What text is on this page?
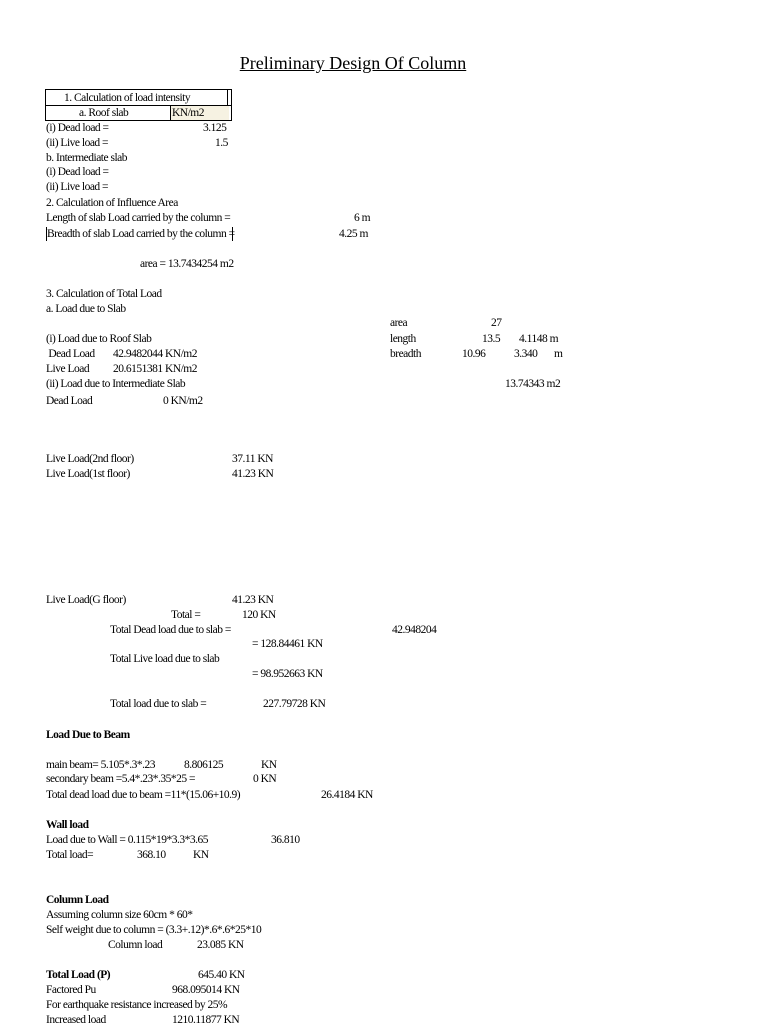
Preliminary Design Of Column
1. Calculation of load intensity
a. Roof slab	KN/m2
(i) Dead load =	3.125
(ii) Live load =	1.5
b. Intermediate slab
(i) Dead load =
(ii) Live load =
2. Calculation of Influence Area
Length of slab Load carried by the column =	6 m
Breadth of slab Load carried by the column =	4.25 m
area = 13.7434254 m2
3. Calculation of Total Load
a. Load due to Slab
area	27
(i) Load due to Roof Slab	length	13.5 4.1148 m
Dead Load 42.9482044 KN/m2	breadth	10.96 3.340 m
Live Load 20.6151381 KN/m2
(ii) Load due to Intermediate Slab	13.74343 m2
Dead Load	0 KN/m2
Live Load(2nd floor)	37.11 KN
Live Load(1st floor)	41.23 KN
Live Load(G floor)	41.23 KN
Total =	120 KN
Total Dead load due to slab =	42.948204
= 128.84461 KN
Total Live load due to slab
= 98.952663 KN
Total load due to slab =	227.79728 KN
Load Due to Beam
main beam= 5.105*.3*.23	8.806125	KN
secondary beam =5.4*.23*.35*25 =	0 KN
Total dead load due to beam =11*(15.06+10.9)	26.4184 KN
Wall load
Load due to Wall = 0.115*19*3.3*3.65	36.810
Total load=	368.10 KN
Column Load
Assuming column size 60cm * 60*
Self weight due to column = (3.3+.12)*.6*.6*25*10
Column load	23.085 KN
Total Load (P)	645.40 KN
Factored Pu	968.095014 KN
For earthquake resistance increased by 25%
Increased load	1210.11877 KN
